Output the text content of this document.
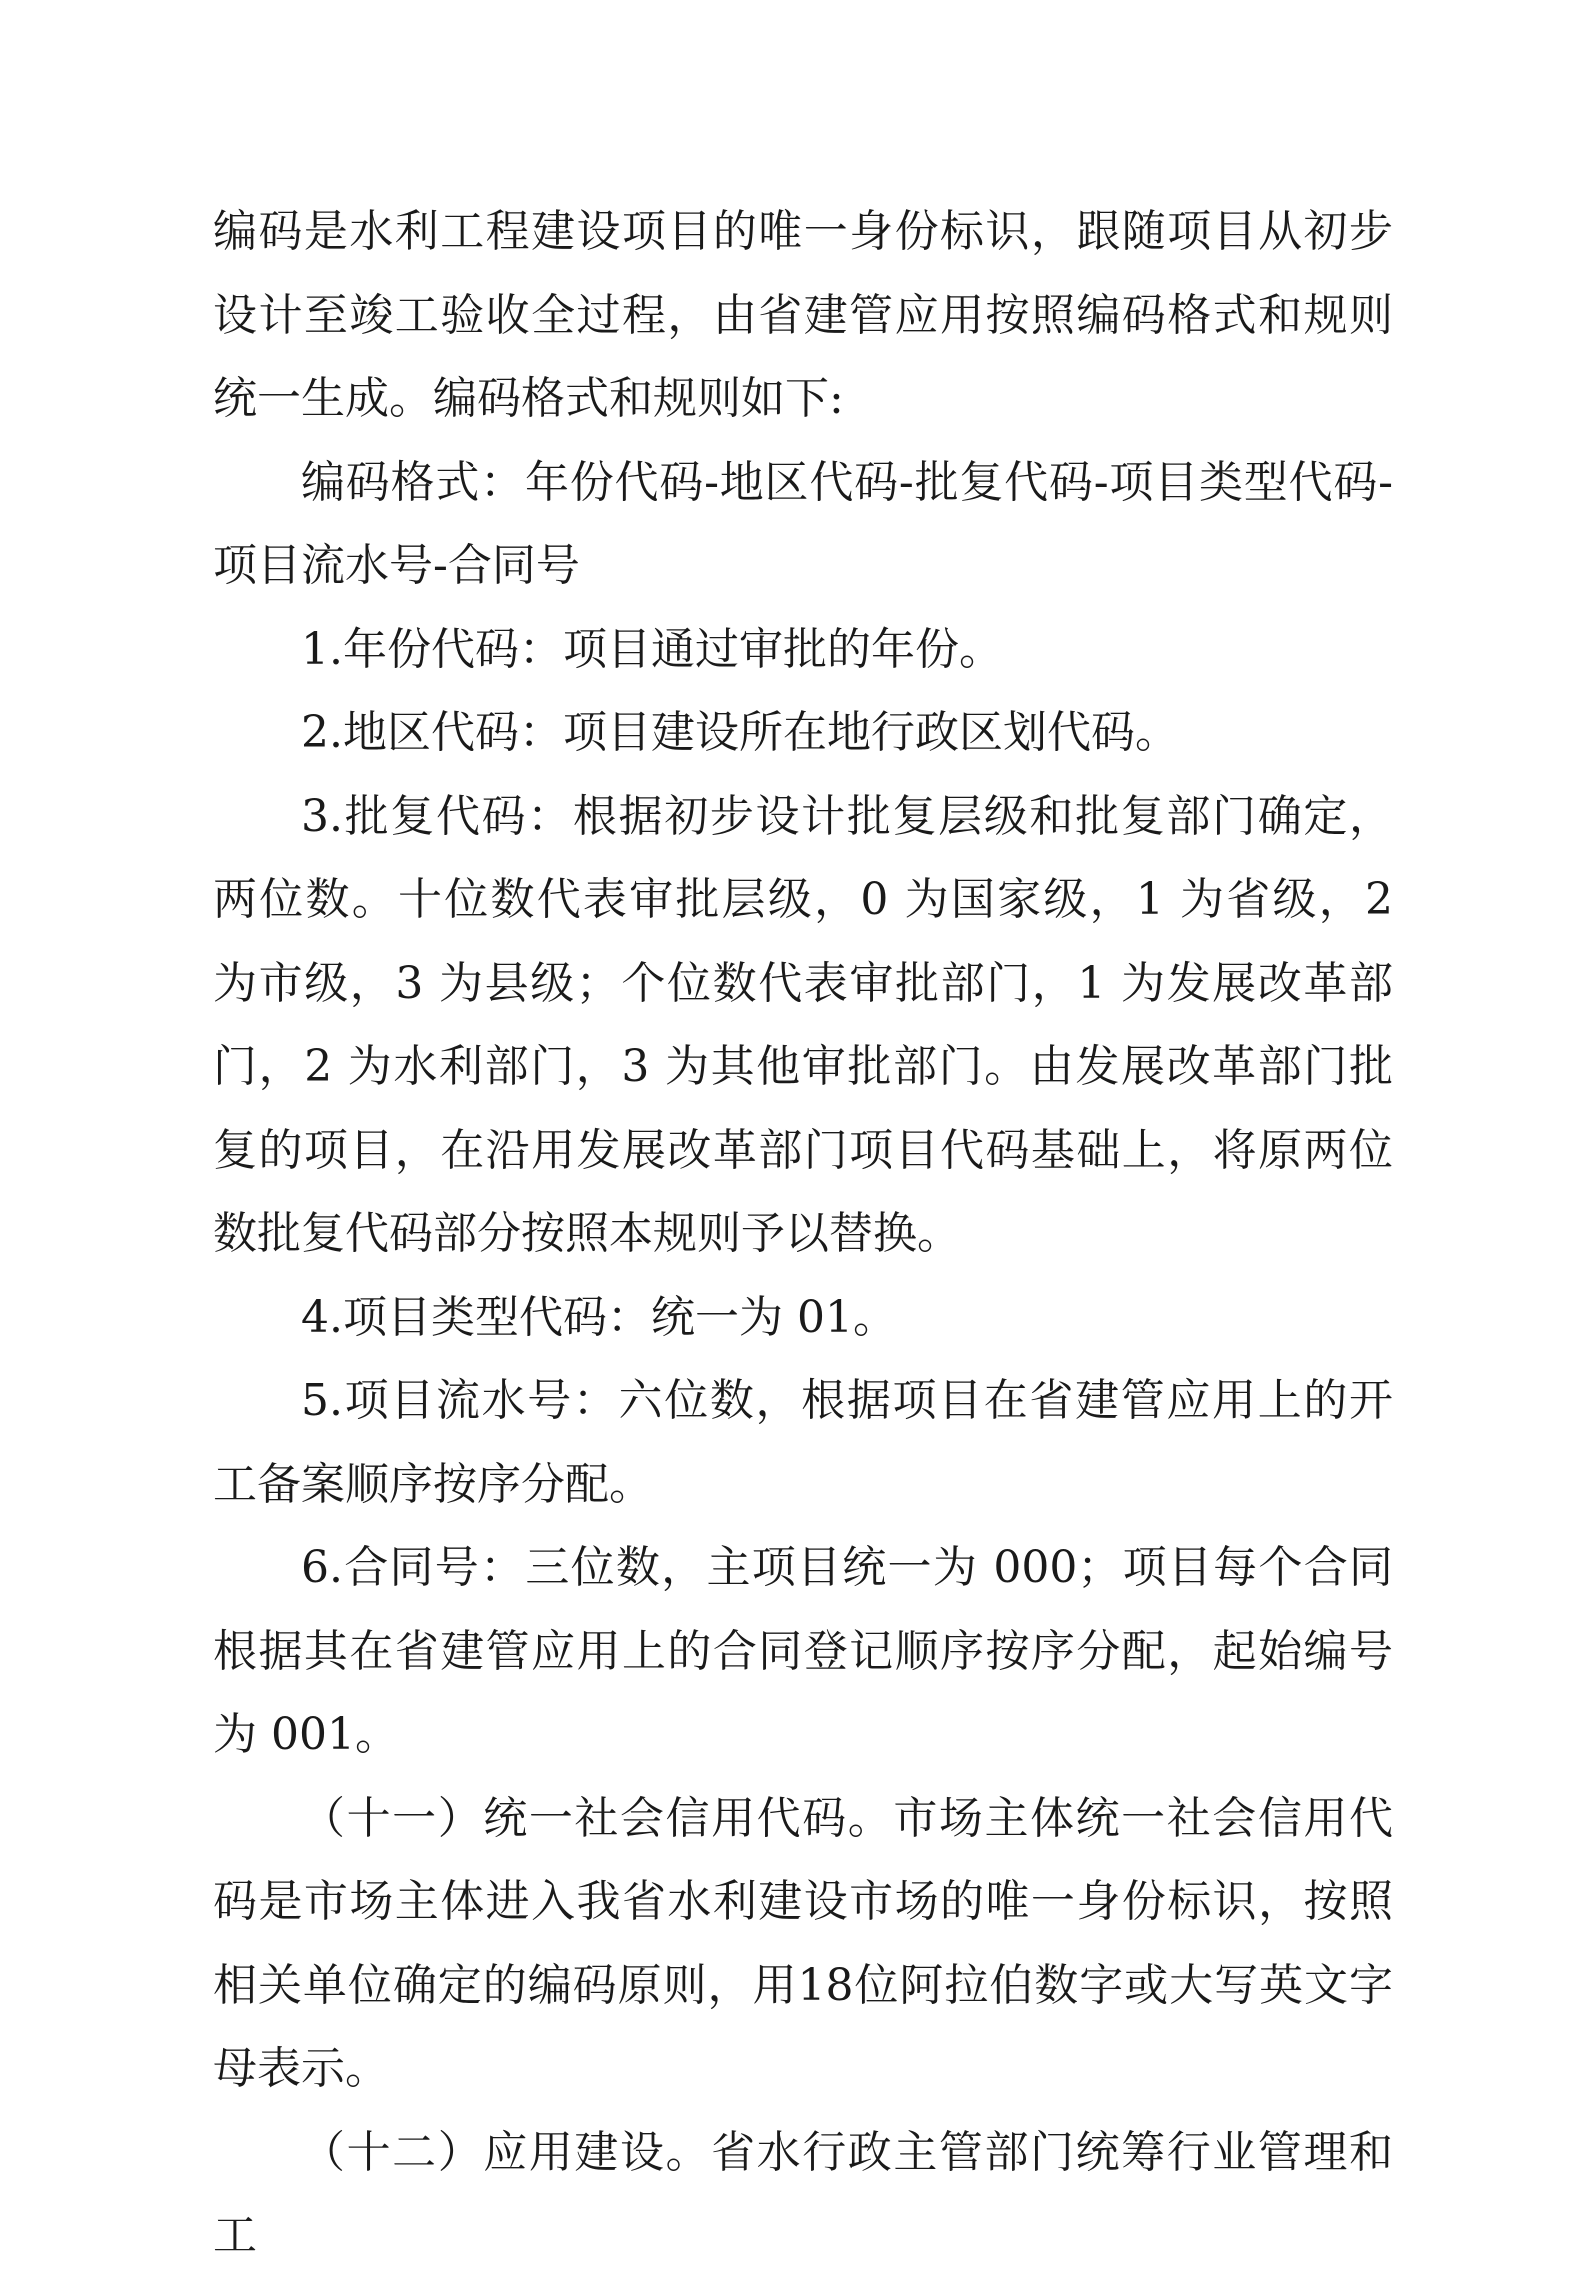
编码是水利工程建设项目的唯一身份标识，跟随项目从初步设计至竣工验收全过程，由省建管应用按照编码格式和规则统一生成。编码格式和规则如下:

编码格式：年份代码-地区代码-批复代码-项目类型代码-项目流水号-合同号

1.年份代码：项目通过审批的年份。

2.地区代码：项目建设所在地行政区划代码。

3.批复代码：根据初步设计批复层级和批复部门确定，两位数。十位数代表审批层级，0 为国家级，1 为省级，2 为市级，3 为县级；个位数代表审批部门，1 为发展改革部门，2 为水利部门，3 为其他审批部门。由发展改革部门批复的项目，在沿用发展改革部门项目代码基础上，将原两位数批复代码部分按照本规则予以替换。

4.项目类型代码：统一为 01。

5.项目流水号：六位数，根据项目在省建管应用上的开工备案顺序按序分配。

6.合同号：三位数，主项目统一为 000；项目每个合同根据其在省建管应用上的合同登记顺序按序分配，起始编号为 001。

（十一）统一社会信用代码。市场主体统一社会信用代码是市场主体进入我省水利建设市场的唯一身份标识，按照相关单位确定的编码原则，用18位阿拉伯数字或大写英文字母表示。

（十二）应用建设。省水行政主管部门统筹行业管理和工
